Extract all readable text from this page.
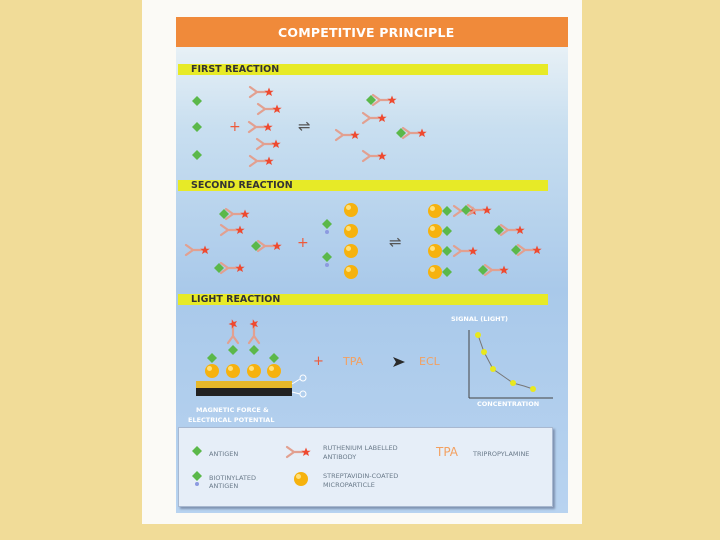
COMPETITIVE PRINCIPLE
FIRST REACTION
SECOND REACTION
LIGHT REACTION
+	⇌
+	⇌
+ TPA	ECL
MAGNETIC FORCE &
ELECTRICAL POTENTIAL
SIGNAL (LIGHT)
CONCENTRATION
ANTIGEN
BIOTINYLATED
ANTIGEN
RUTHENIUM LABELLED
ANTIBODY
STREPTAVIDIN-COATED
MICROPARTICLE
TPA TRIPROPYLAMINE
